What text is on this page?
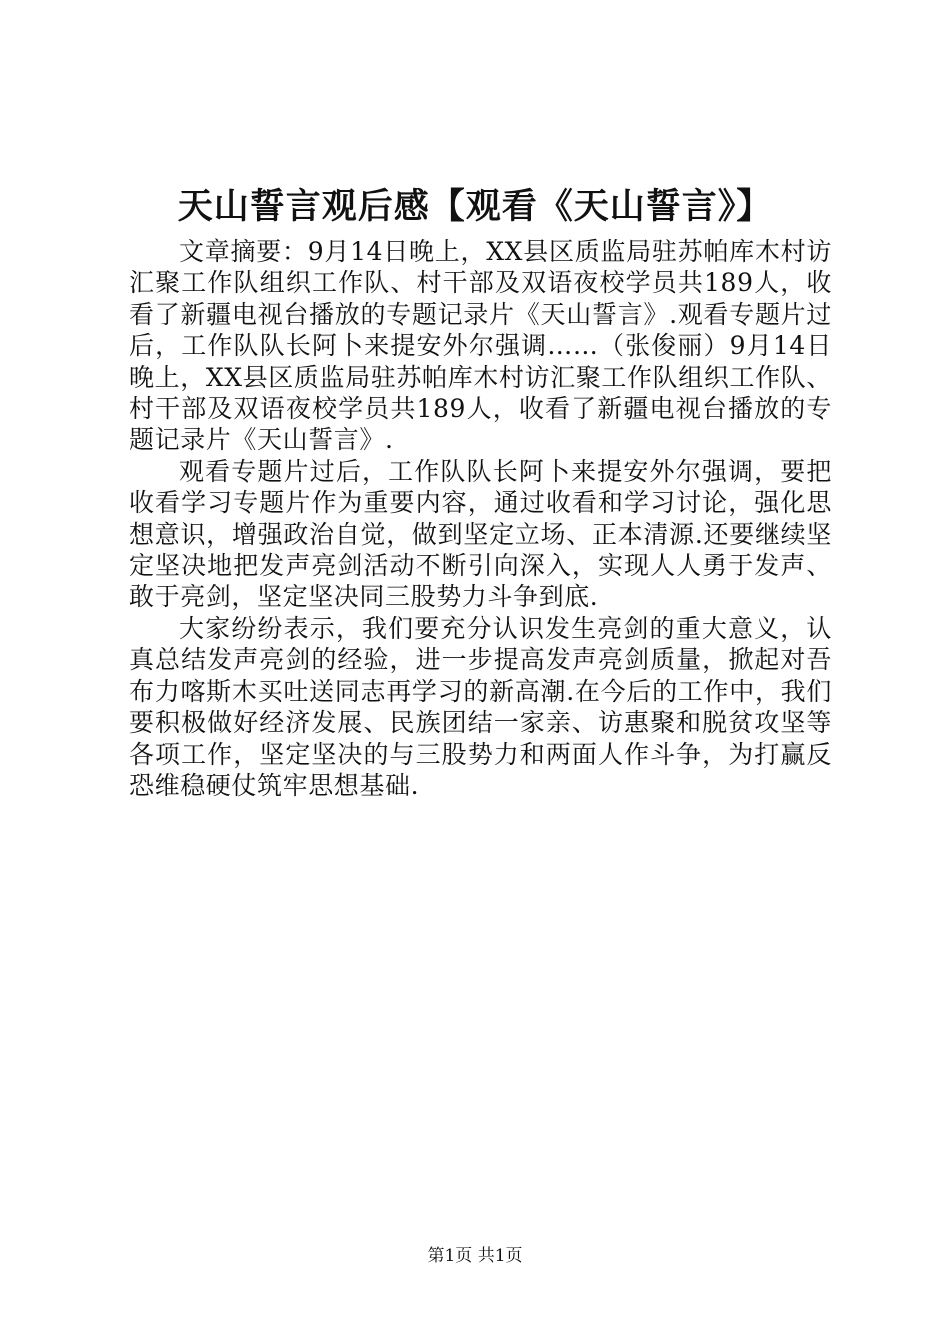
天山誓言观后感【观看《天山誓言》】

文章摘要：9月14日晚上，XX县区质监局驻苏帕库木村访汇聚工作队组织工作队、村干部及双语夜校学员共189人，收看了新疆电视台播放的专题记录片《天山誓言》.观看专题片过后，工作队队长阿卜来提安外尔强调……（张俊丽）9月14日晚上，XX县区质监局驻苏帕库木村访汇聚工作队组织工作队、村干部及双语夜校学员共189人，收看了新疆电视台播放的专题记录片《天山誓言》.

观看专题片过后，工作队队长阿卜来提安外尔强调，要把收看学习专题片作为重要内容，通过收看和学习讨论，强化思想意识，增强政治自觉，做到坚定立场、正本清源.还要继续坚定坚决地把发声亮剑活动不断引向深入，实现人人勇于发声、敢于亮剑，坚定坚决同三股势力斗争到底.

大家纷纷表示，我们要充分认识发生亮剑的重大意义，认真总结发声亮剑的经验，进一步提高发声亮剑质量，掀起对吾布力喀斯木买吐送同志再学习的新高潮.在今后的工作中，我们要积极做好经济发展、民族团结一家亲、访惠聚和脱贫攻坚等各项工作，坚定坚决的与三股势力和两面人作斗争，为打赢反恐维稳硬仗筑牢思想基础.

第1页 共1页
